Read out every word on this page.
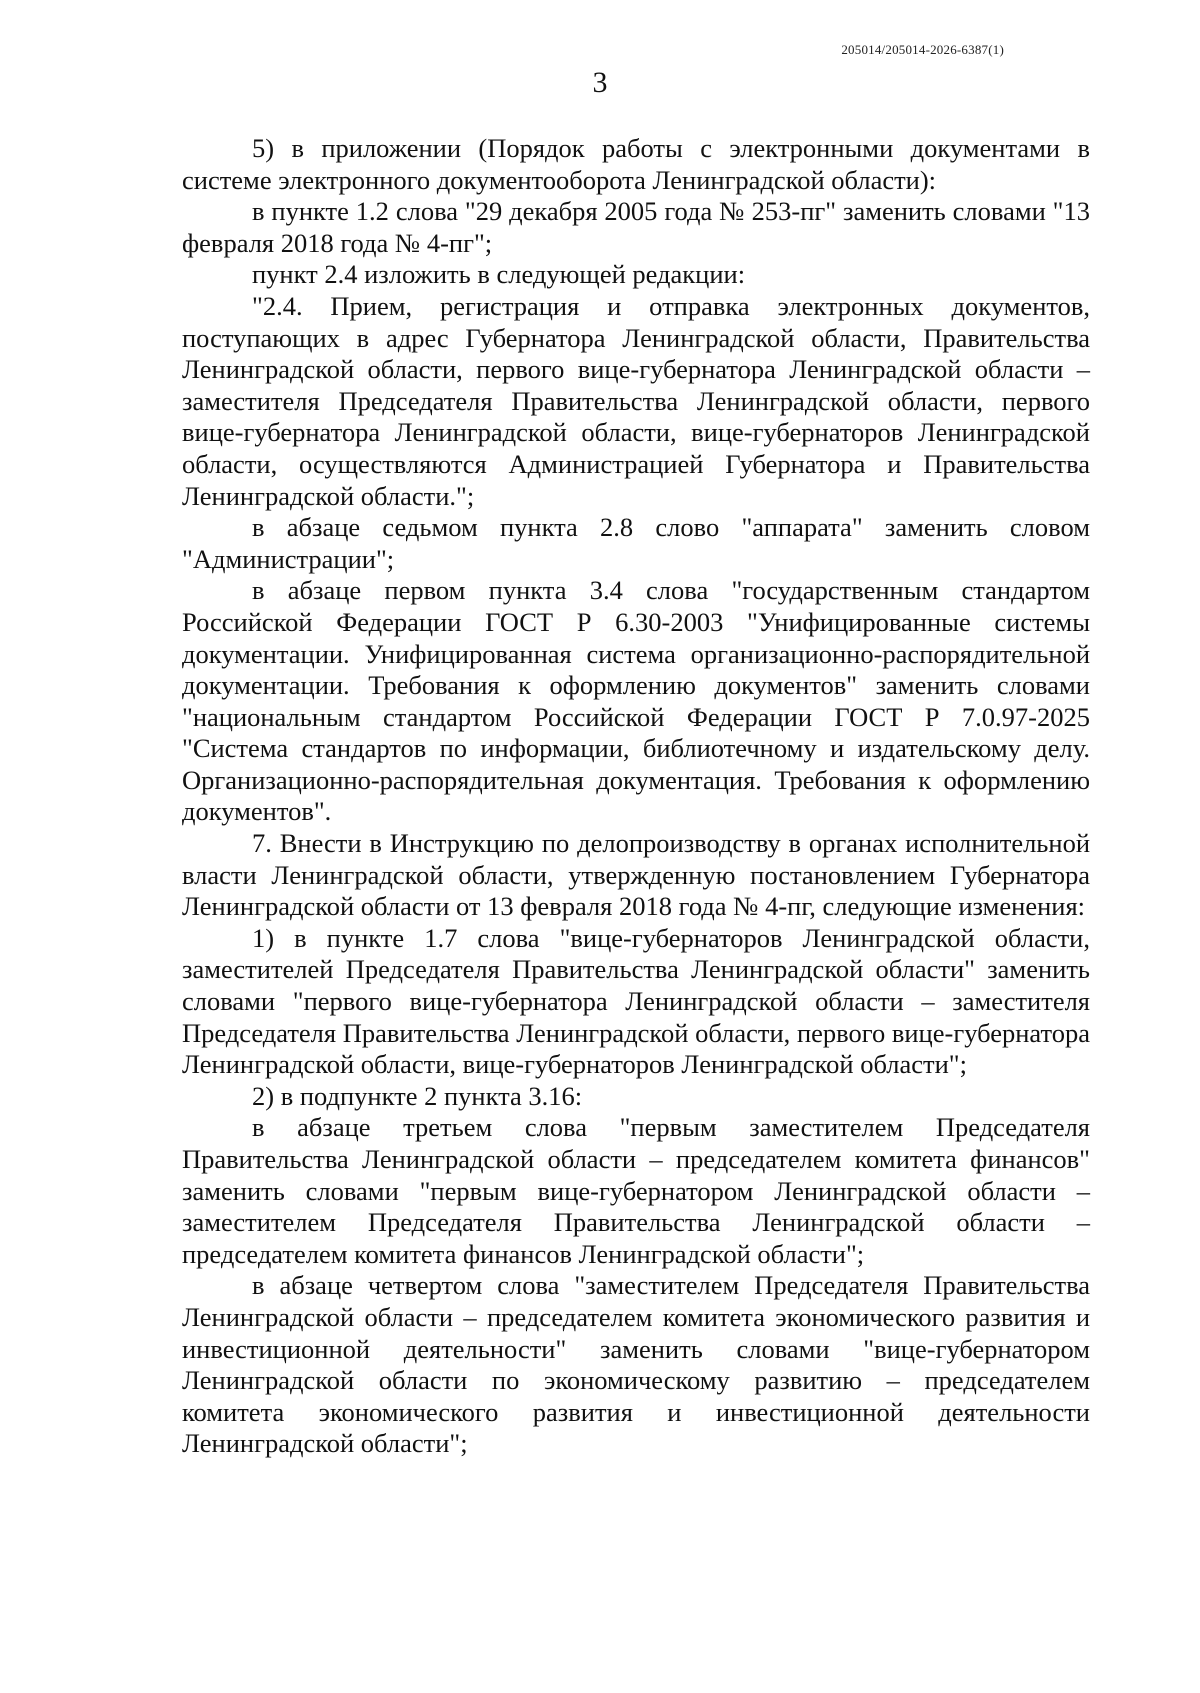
205014/205014-2026-6387(1)
3

5) в приложении (Порядок работы с электронными документами в системе электронного документооборота Ленинградской области):

в пункте 1.2 слова "29 декабря 2005 года № 253-пг" заменить словами "13 февраля 2018 года № 4-пг";

пункт 2.4 изложить в следующей редакции:

"2.4. Прием, регистрация и отправка электронных документов, поступающих в адрес Губернатора Ленинградской области, Правительства Ленинградской области, первого вице-губернатора Ленинградской области – заместителя Председателя Правительства Ленинградской области, первого вице-губернатора Ленинградской области, вице-губернаторов Ленинградской области, осуществляются Администрацией Губернатора и Правительства Ленинградской области.";

в абзаце седьмом пункта 2.8 слово "аппарата" заменить словом "Администрации";

в абзаце первом пункта 3.4 слова "государственным стандартом Российской Федерации ГОСТ Р 6.30-2003 "Унифицированные системы документации. Унифицированная система организационно-распорядительной документации. Требования к оформлению документов" заменить словами "национальным стандартом Российской Федерации ГОСТ Р 7.0.97-2025 "Система стандартов по информации, библиотечному и издательскому делу. Организационно-распорядительная документация. Требования к оформлению документов".

7. Внести в Инструкцию по делопроизводству в органах исполнительной власти Ленинградской области, утвержденную постановлением Губернатора Ленинградской области от 13 февраля 2018 года № 4-пг, следующие изменения:

1) в пункте 1.7 слова "вице-губернаторов Ленинградской области, заместителей Председателя Правительства Ленинградской области" заменить словами "первого вице-губернатора Ленинградской области – заместителя Председателя Правительства Ленинградской области, первого вице-губернатора Ленинградской области, вице-губернаторов Ленинградской области";

2) в подпункте 2 пункта 3.16:

в абзаце третьем слова "первым заместителем Председателя Правительства Ленинградской области – председателем комитета финансов" заменить словами "первым вице-губернатором Ленинградской области – заместителем Председателя Правительства Ленинградской области – председателем комитета финансов Ленинградской области";

в абзаце четвертом слова "заместителем Председателя Правительства Ленинградской области – председателем комитета экономического развития и инвестиционной деятельности" заменить словами "вице-губернатором Ленинградской области по экономическому развитию – председателем комитета экономического развития и инвестиционной деятельности Ленинградской области";
